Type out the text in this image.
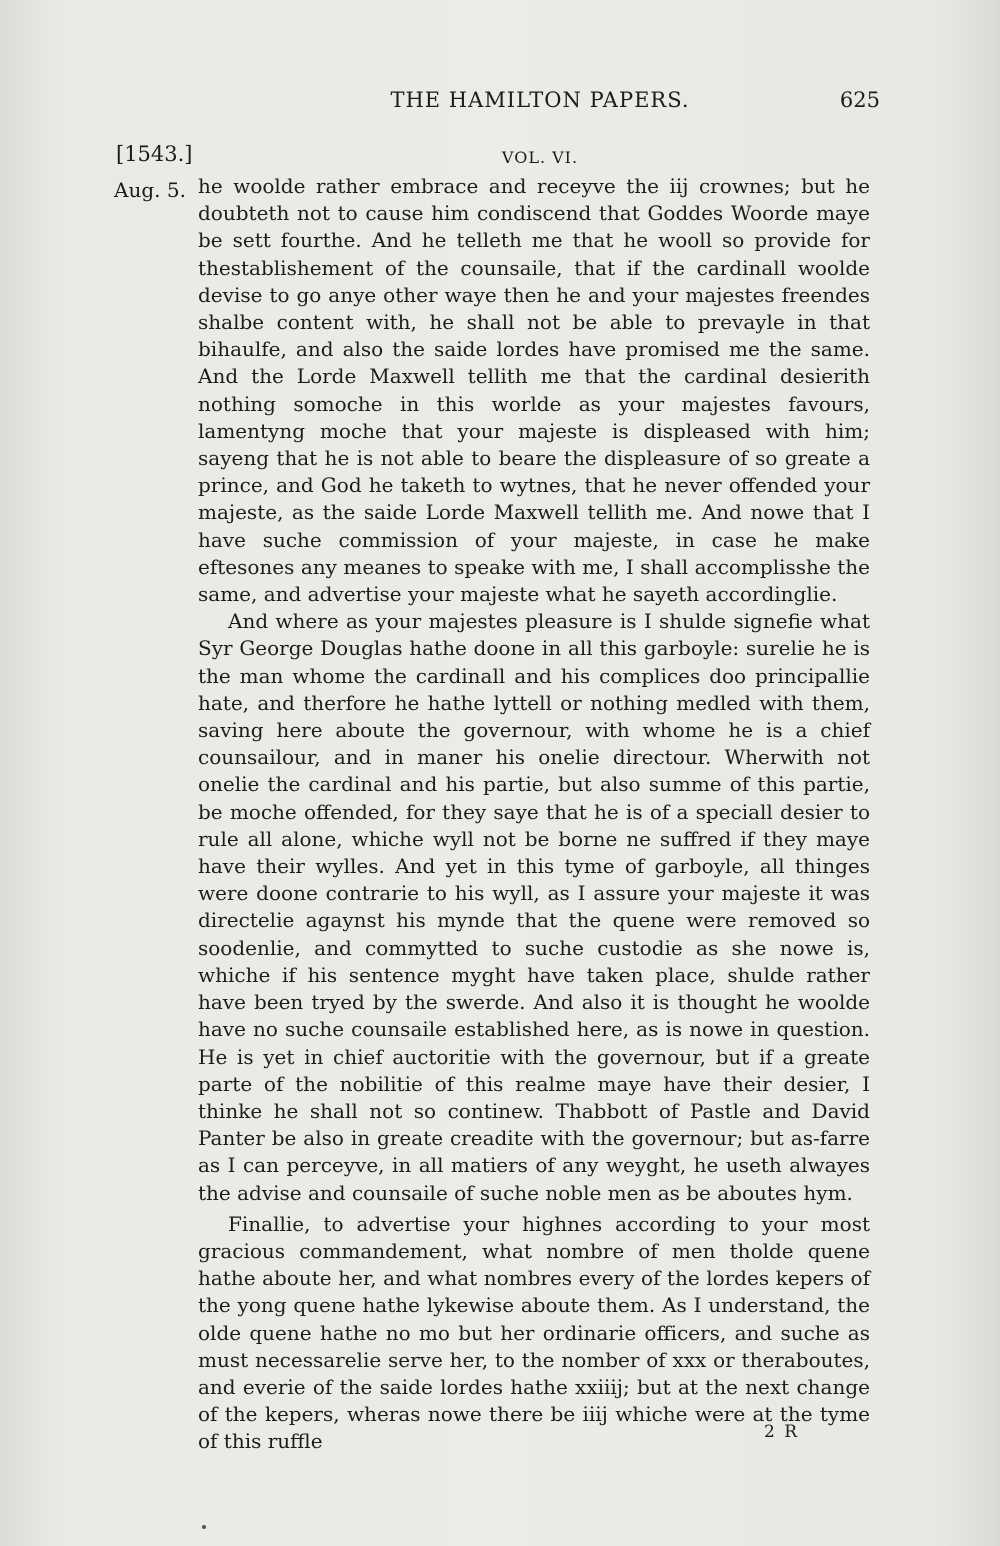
THE HAMILTON PAPERS.	625
[1543.]	VOL. VI.
Aug. 5. he woolde rather embrace and receyve the iij crownes; but he doubteth not to cause him condiscend that Goddes Woorde maye be sett fourthe. And he telleth me that he wooll so provide for thestablishement of the counsaile, that if the cardinall woolde devise to go anye other waye then he and your majestes freendes shalbe content with, he shall not be able to prevayle in that bihaulfe, and also the saide lordes have promised me the same. And the Lorde Maxwell tellith me that the cardinal desierith nothing somoche in this worlde as your majestes favours, lamentyng moche that your majeste is displeased with him; sayeng that he is not able to beare the displeasure of so greate a prince, and God he taketh to wytnes, that he never offended your majeste, as the saide Lorde Maxwell tellith me. And nowe that I have suche commission of your majeste, in case he make eftesones any meanes to speake with me, I shall accomplisshe the same, and advertise your majeste what he sayeth accordinglie.

And where as your majestes pleasure is I shulde signefie what Syr George Douglas hathe doone in all this garboyle: surelie he is the man whome the cardinall and his complices doo principallie hate, and therfore he hathe lyttell or nothing medled with them, saving here aboute the governour, with whome he is a chief counsailour, and in maner his onelie directour. Wherwith not onelie the cardinal and his partie, but also summe of this partie, be moche offended, for they saye that he is of a speciall desier to rule all alone, whiche wyll not be borne ne suffred if they maye have their wylles. And yet in this tyme of garboyle, all thinges were doone contrarie to his wyll, as I assure your majeste it was directelie agaynst his mynde that the quene were removed so soodenlie, and commytted to suche custodie as she nowe is, whiche if his sentence myght have taken place, shulde rather have been tryed by the swerde. And also it is thought he woolde have no suche counsaile established here, as is nowe in question. He is yet in chief auctoritie with the governour, but if a greate parte of the nobilitie of this realme maye have their desier, I thinke he shall not so continew. Thabbott of Pastle and David Panter be also in greate creadite with the governour; but as-farre as I can perceyve, in all matiers of any weyght, he useth alwayes the advise and counsaile of suche noble men as be aboutes hym.

Finallie, to advertise your highnes according to your most gracious commandement, what nombre of men tholde quene hathe aboute her, and what nombres every of the lordes kepers of the yong quene hathe lykewise aboute them. As I understand, the olde quene hathe no mo but her ordinarie officers, and suche as must necessarelie serve her, to the nomber of xxx or theraboutes, and everie of the saide lordes hathe xxiiij; but at the next change of the kepers, wheras nowe there be iiij whiche were at the tyme of this ruffle	2 R
